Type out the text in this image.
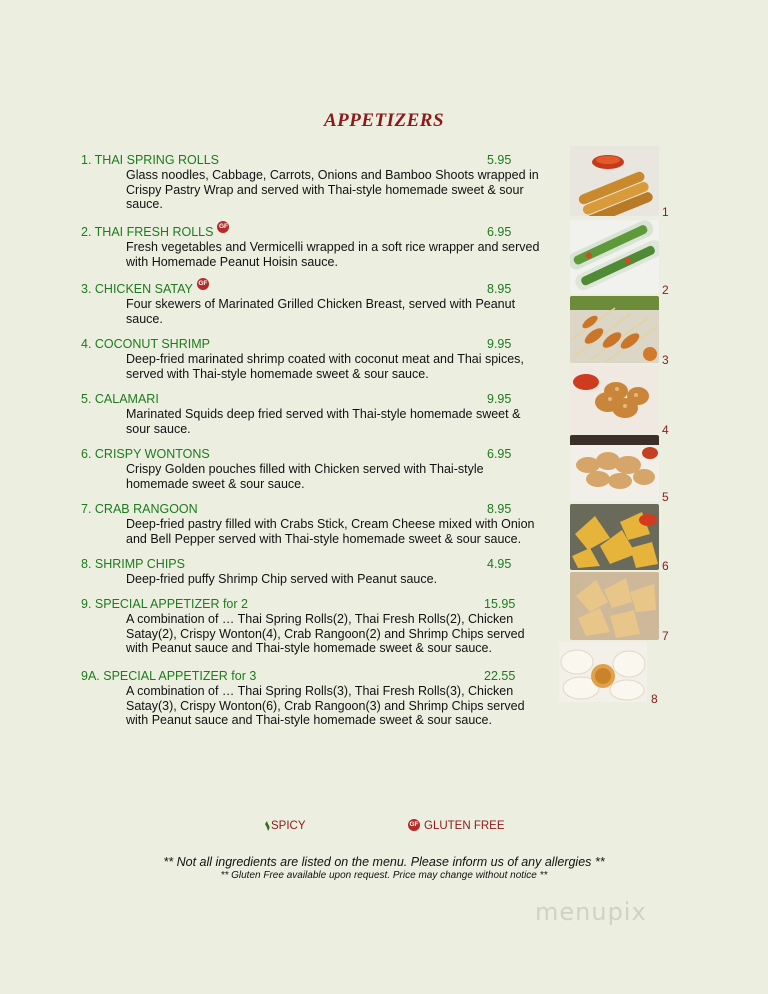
APPETIZERS
1. THAI SPRING ROLLS	5.95
Glass noodles, Cabbage, Carrots, Onions and Bamboo Shoots wrapped in Crispy Pastry Wrap and served with Thai-style homemade sweet & sour sauce.
2. THAI FRESH ROLLS GF	6.95
Fresh vegetables and Vermicelli wrapped in a soft rice wrapper and served with Homemade Peanut Hoisin sauce.
3. CHICKEN SATAY GF	8.95
Four skewers of Marinated Grilled Chicken Breast, served with Peanut sauce.
4. COCONUT SHRIMP	9.95
Deep-fried marinated shrimp coated with coconut meat and Thai spices, served with Thai-style homemade sweet & sour sauce.
5. CALAMARI	9.95
Marinated Squids deep fried served with Thai-style homemade sweet & sour sauce.
6. CRISPY WONTONS	6.95
Crispy Golden pouches filled with Chicken served with Thai-style homemade sweet & sour sauce.
7. CRAB RANGOON	8.95
Deep-fried pastry filled with Crabs Stick, Cream Cheese mixed with Onion and Bell Pepper served with Thai-style homemade sweet & sour sauce.
8. SHRIMP CHIPS	4.95
Deep-fried puffy Shrimp Chip served with Peanut sauce.
9. SPECIAL APPETIZER for 2	15.95
A combination of … Thai Spring Rolls(2), Thai Fresh Rolls(2), Chicken Satay(2), Crispy Wonton(4), Crab Rangoon(2) and Shrimp Chips served with Peanut sauce and Thai-style homemade sweet & sour sauce.
9A. SPECIAL APPETIZER for 3	22.55
A combination of … Thai Spring Rolls(3), Thai Fresh Rolls(3), Chicken Satay(3), Crispy Wonton(6), Crab Rangoon(3) and Shrimp Chips served with Peanut sauce and Thai-style homemade sweet & sour sauce.
1
2
3
4
5
6
7
8
SPICY	GF GLUTEN FREE
** Not all ingredients are listed on the menu. Please inform us of any allergies **
** Gluten Free available upon request. Price may change without notice **
menupix
